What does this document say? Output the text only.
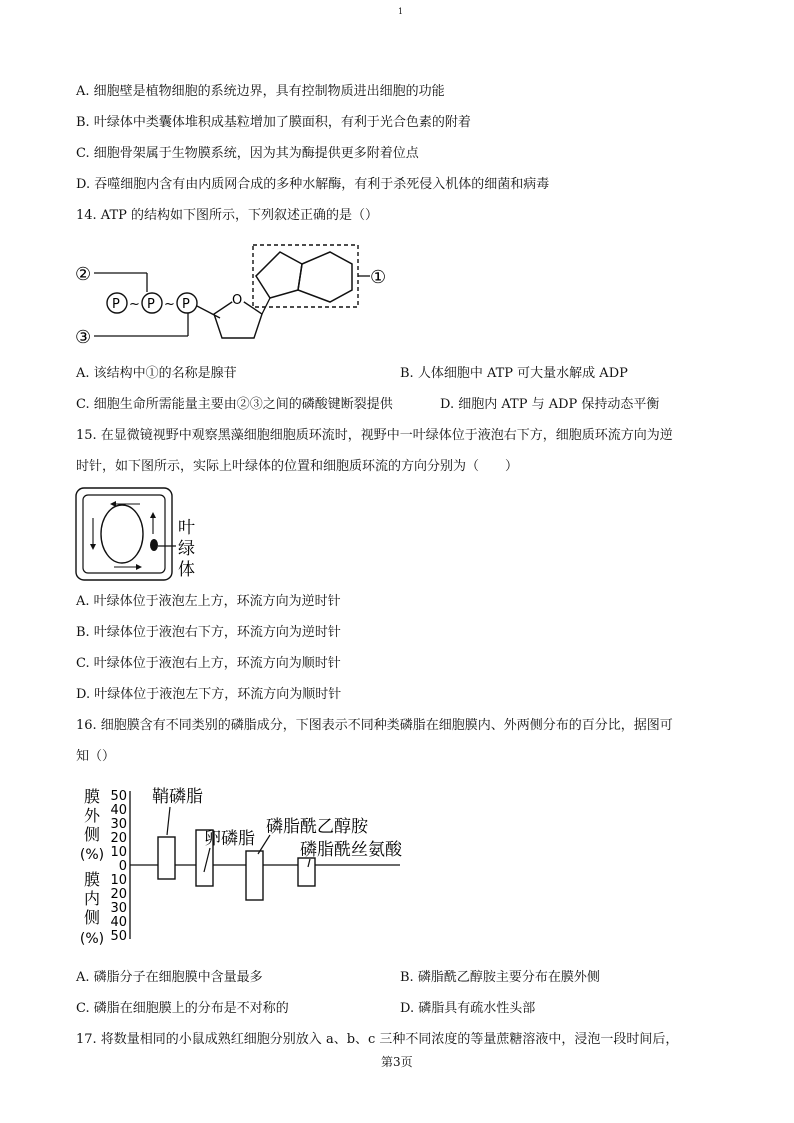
1
A. 细胞壁是植物细胞的系统边界，具有控制物质进出细胞的功能
B. 叶绿体中类囊体堆积成基粒增加了膜面积，有利于光合色素的附着
C. 细胞骨架属于生物膜系统，因为其为酶提供更多附着位点
D. 吞噬细胞内含有由内质网合成的多种水解酶，有利于杀死侵入机体的细菌和病毒
14. ATP 的结构如下图所示，下列叙述正确的是（）
②
③
P ~ P ~ P	O
①
A. 该结构中①的名称是腺苷	B. 人体细胞中 ATP 可大量水解成 ADP
C. 细胞生命所需能量主要由②③之间的磷酸键断裂提供	D. 细胞内 ATP 与 ADP 保持动态平衡
15. 在显微镜视野中观察黑藻细胞细胞质环流时，视野中一叶绿体位于液泡右下方，细胞质环流方向为逆
时针，如下图所示，实际上叶绿体的位置和细胞质环流的方向分别为（　　）
叶
绿
体
A. 叶绿体位于液泡左上方，环流方向为逆时针
B. 叶绿体位于液泡右下方，环流方向为逆时针
C. 叶绿体位于液泡右上方，环流方向为顺时针
D. 叶绿体位于液泡左下方，环流方向为顺时针
16. 细胞膜含有不同类别的磷脂成分，下图表示不同种类磷脂在细胞膜内、外两侧分布的百分比，据图可
知（）
膜
外
侧
(%)
膜
内
侧
(%)
50
40
30
20
10
0
10
20
30
40
50
鞘磷脂
卵磷脂
磷脂酰乙醇胺
磷脂酰丝氨酸
A. 磷脂分子在细胞膜中含量最多	B. 磷脂酰乙醇胺主要分布在膜外侧
C. 磷脂在细胞膜上的分布是不对称的	D. 磷脂具有疏水性头部
17. 将数量相同的小鼠成熟红细胞分别放入 a、b、c 三种不同浓度的等量蔗糖溶液中，浸泡一段时间后，
第3页
